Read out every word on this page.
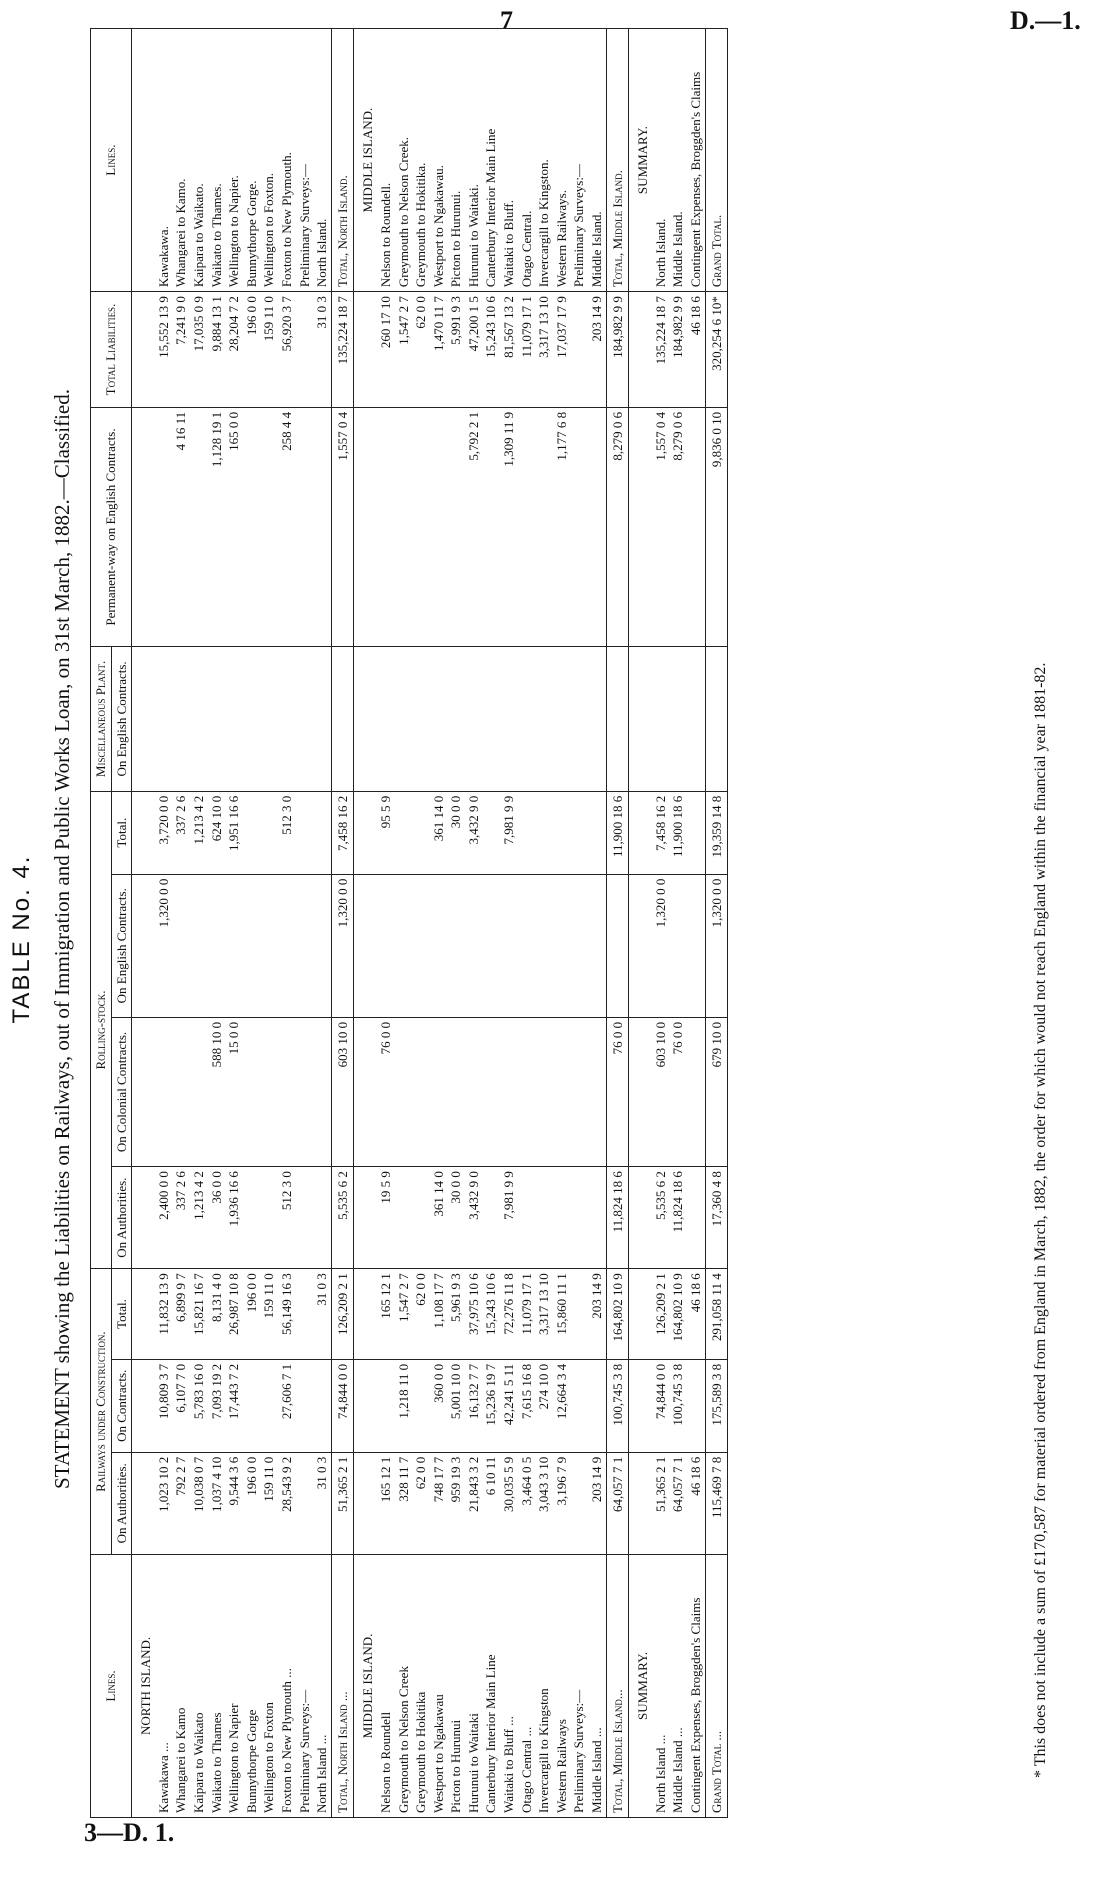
7	D.—1.
3—D. 1.
TABLE No. 4. STATEMENT showing the Liabilities on Railways, out of Immigration and Public Works Loan, on 31st March, 1882.—Classified.
Lines.	Railways under Construction.			Rolling-stock.				Miscellaneous Plant.	Permanent-way on English Contracts.	Total Liabilities.	Lines.
	On Authorities.	On Contracts.	Total.	On Authorities.	On Colonial Contracts.	On English Contracts.	Total.	On English Contracts.			
NORTH ISLAND.											
Kawakawa ...	1,023 10 2	10,809 3 7	11,832 13 9	2,400 0 0		1,320 0 0	3,720 0 0			15,552 13 9	Kawakawa.
Whangarei to Kamo	792 2 7	6,107 7 0	6,899 9 7	337 2 6			337 2 6		4 16 11	7,241 9 0	Whangarei to Kamo.
Kaipara to Waikato	10,038 0 7	5,783 16 0	15,821 16 7	1,213 4 2			1,213 4 2			17,035 0 9	Kaipara to Waikato.
Waikato to Thames	1,037 4 10	7,093 19 2	8,131 4 0	36 0 0	588 10 0		624 10 0		1,128 19 1	9,884 13 1	Waikato to Thames.
Wellington to Napier	9,544 3 6	17,443 7 2	26,987 10 8	1,936 16 6	15 0 0		1,951 16 6		165 0 0	28,204 7 2	Wellington to Napier.
Bunnythorpe Gorge	196 0 0		196 0 0							196 0 0	Bunnythorpe Gorge.
Wellington to Foxton	159 11 0		159 11 0							159 11 0	Wellington to Foxton.
Foxton to New Plymouth ...	28,543 9 2	27,606 7 1	56,149 16 3	512 3 0			512 3 0		258 4 4	56,920 3 7	Foxton to New Plymouth.
Preliminary Surveys:—											Preliminary Surveys:—
North Island ...	31 0 3		31 0 3							31 0 3	North Island.
Total, North Island ...	51,365 2 1	74,844 0 0	126,209 2 1	5,535 6 2	603 10 0	1,320 0 0	7,458 16 2		1,557 0 4	135,224 18 7	Total, North Island.
MIDDLE ISLAND.											MIDDLE ISLAND.
Nelson to Roundell	165 12 1		165 12 1	19 5 9	76 0 0		95 5 9			260 17 10	Nelson to Roundell.
Greymouth to Nelson Creek	328 11 7	1,218 11 0	1,547 2 7							1,547 2 7	Greymouth to Nelson Creek.
Greymouth to Hokitika	62 0 0		62 0 0							62 0 0	Greymouth to Hokitika.
Westport to Ngakawau	748 17 7	360 0 0	1,108 17 7	361 14 0			361 14 0			1,470 11 7	Westport to Ngakawau.
Picton to Hurunui	959 19 3	5,001 10 0	5,961 9 3	30 0 0			30 0 0			5,991 9 3	Picton to Hurunui.
Hurunui to Waitaki	21,843 3 2	16,132 7 7	37,975 10 6	3,432 9 0			3,432 9 0		5,792 2 1	47,200 1 5	Hurunui to Waitaki.
Canterbury Interior Main Line	6 10 11	15,236 19 7	15,243 10 6							15,243 10 6	Canterbury Interior Main Line
Waitaki to Bluff ...	30,035 5 9	42,241 5 11	72,276 11 8	7,981 9 9			7,981 9 9		1,309 11 9	81,567 13 2	Waitaki to Bluff.
Otago Central ...	3,464 0 5	7,615 16 8	11,079 17 1							11,079 17 1	Otago Central.
Invercargill to Kingston	3,043 3 10	274 10 0	3,317 13 10							3,317 13 10	Invercargill to Kingston.
Western Railways	3,196 7 9	12,664 3 4	15,860 11 1						1,177 6 8	17,037 17 9	Western Railways.
Preliminary Surveys:—											Preliminary Surveys:—
Middle Island ...	203 14 9		203 14 9							203 14 9	Middle Island.
Total, Middle Island...	64,057 7 1	100,745 3 8	164,802 10 9	11,824 18 6	76 0 0		11,900 18 6		8,279 0 6	184,982 9 9	Total, Middle Island.
SUMMARY.											SUMMARY.
North Island ...	51,365 2 1	74,844 0 0	126,209 2 1	5,535 6 2	603 10 0	1,320 0 0	7,458 16 2		1,557 0 4	135,224 18 7	North Island.
Middle Island ...	64,057 7 1	100,745 3 8	164,802 10 9	11,824 18 6	76 0 0		11,900 18 6		8,279 0 6	184,982 9 9	Middle Island.
Contingent Expenses, Broggden's Claims	46 18 6		46 18 6							46 18 6	Contingent Expenses, Broggden's Claims
Grand Total ...	115,469 7 8	175,589 3 8	291,058 11 4	17,360 4 8	679 10 0	1,320 0 0	19,359 14 8		9,836 0 10	320,254 6 10*	Grand Total.
* This does not include a sum of £170,587 for material ordered from England in March, 1882, the order for which would not reach England within the financial year 1881-82.
